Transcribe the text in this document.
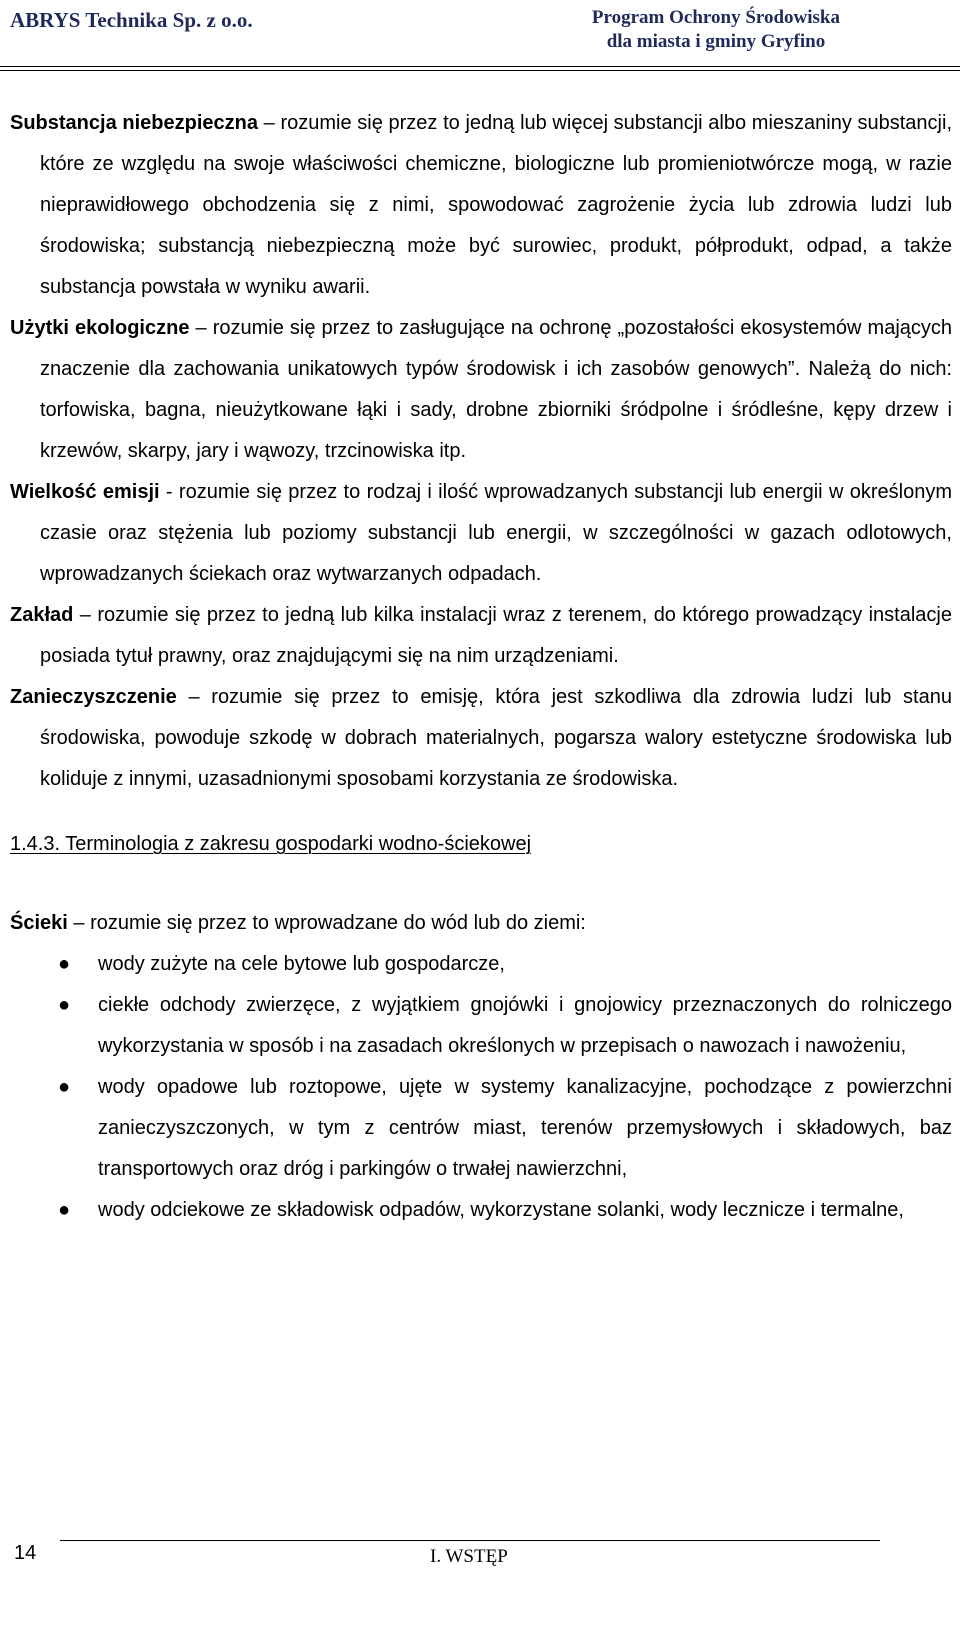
ABRYS Technika Sp. z o.o.	Program Ochrony Środowiska
dla miasta i gminy Gryfino

Substancja niebezpieczna – rozumie się przez to jedną lub więcej substancji albo mieszaniny substancji, które ze względu na swoje właściwości chemiczne, biologiczne lub promieniotwórcze mogą, w razie nieprawidłowego obchodzenia się z nimi, spowodować zagrożenie życia lub zdrowia ludzi lub środowiska; substancją niebezpieczną może być surowiec, produkt, półprodukt, odpad, a także substancja powstała w wyniku awarii.

Użytki ekologiczne – rozumie się przez to zasługujące na ochronę „pozostałości ekosystemów mających znaczenie dla zachowania unikatowych typów środowisk i ich zasobów genowych”. Należą do nich: torfowiska, bagna, nieużytkowane łąki i sady, drobne zbiorniki śródpolne i śródleśne, kępy drzew i krzewów, skarpy, jary i wąwozy, trzcinowiska itp.

Wielkość emisji - rozumie się przez to rodzaj i ilość wprowadzanych substancji lub energii w określonym czasie oraz stężenia lub poziomy substancji lub energii, w szczególności w gazach odlotowych, wprowadzanych ściekach oraz wytwarzanych odpadach.

Zakład – rozumie się przez to jedną lub kilka instalacji wraz z terenem, do którego prowadzący instalacje posiada tytuł prawny, oraz znajdującymi się na nim urządzeniami.

Zanieczyszczenie – rozumie się przez to emisję, która jest szkodliwa dla zdrowia ludzi lub stanu środowiska, powoduje szkodę w dobrach materialnych, pogarsza walory estetyczne środowiska lub koliduje z innymi, uzasadnionymi sposobami korzystania ze środowiska.

1.4.3. Terminologia z zakresu gospodarki wodno-ściekowej

Ścieki – rozumie się przez to wprowadzane do wód lub do ziemi:

● wody zużyte na cele bytowe lub gospodarcze,
● ciekłe odchody zwierzęce, z wyjątkiem gnojówki i gnojowicy przeznaczonych do rolniczego wykorzystania w sposób i na zasadach określonych w przepisach o nawozach i nawożeniu,
● wody opadowe lub roztopowe, ujęte w systemy kanalizacyjne, pochodzące z powierzchni zanieczyszczonych, w tym z centrów miast, terenów przemysłowych i składowych, baz transportowych oraz dróg i parkingów o trwałej nawierzchni,
● wody odciekowe ze składowisk odpadów, wykorzystane solanki, wody lecznicze i termalne,
14	I. WSTĘP
